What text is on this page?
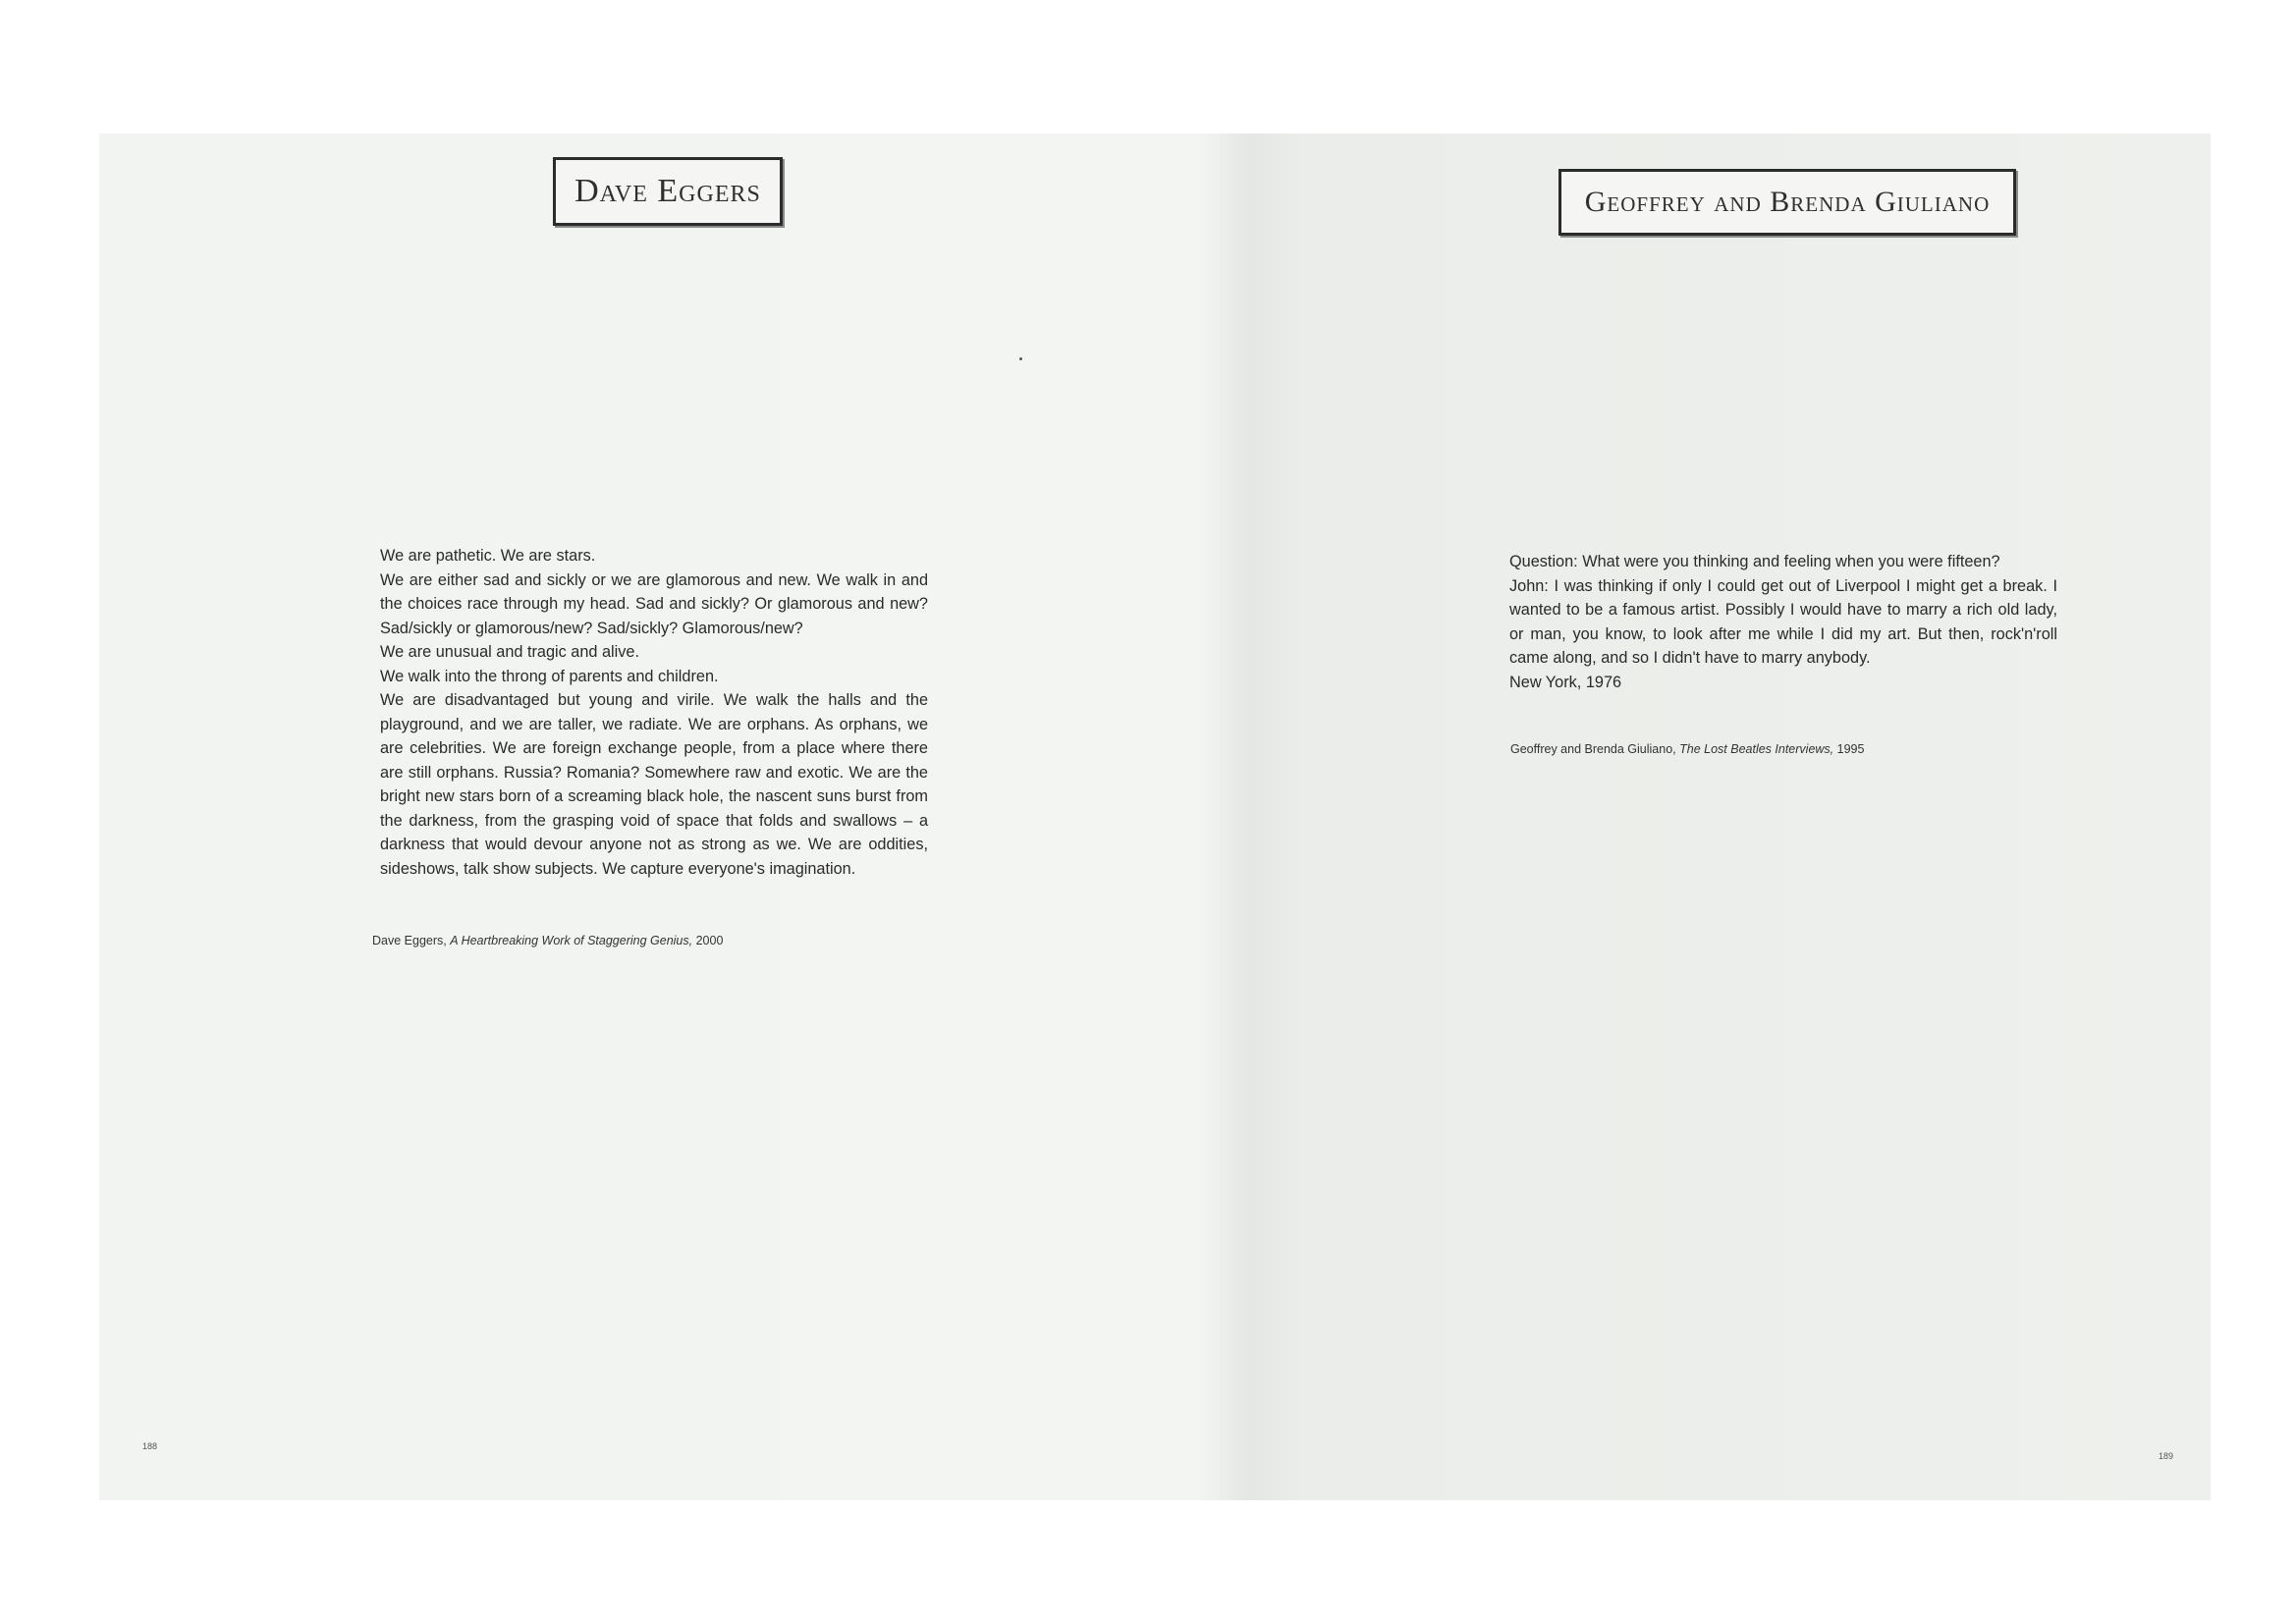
Dave Eggers

We are pathetic. We are stars.

We are either sad and sickly or we are glamorous and new. We walk in and the choices race through my head. Sad and sickly? Or glamorous and new? Sad/sickly or glamorous/new? Sad/sickly? Glamorous/new?

We are unusual and tragic and alive.

We walk into the throng of parents and children.

We are disadvantaged but young and virile. We walk the halls and the playground, and we are taller, we radiate. We are orphans. As orphans, we are celebrities. We are foreign exchange people, from a place where there are still orphans. Russia? Romania? Somewhere raw and exotic. We are the bright new stars born of a screaming black hole, the nascent suns burst from the darkness, from the grasping void of space that folds and swallows – a darkness that would devour anyone not as strong as we. We are oddities, sideshows, talk show subjects. We capture everyone's imagination.

Dave Eggers, A Heartbreaking Work of Staggering Genius, 2000
188
Geoffrey and Brenda Giuliano

Question: What were you thinking and feeling when you were fifteen?

John: I was thinking if only I could get out of Liverpool I might get a break. I wanted to be a famous artist. Possibly I would have to marry a rich old lady, or man, you know, to look after me while I did my art. But then, rock'n'roll came along, and so I didn't have to marry anybody.

New York, 1976

Geoffrey and Brenda Giuliano, The Lost Beatles Interviews, 1995
189
